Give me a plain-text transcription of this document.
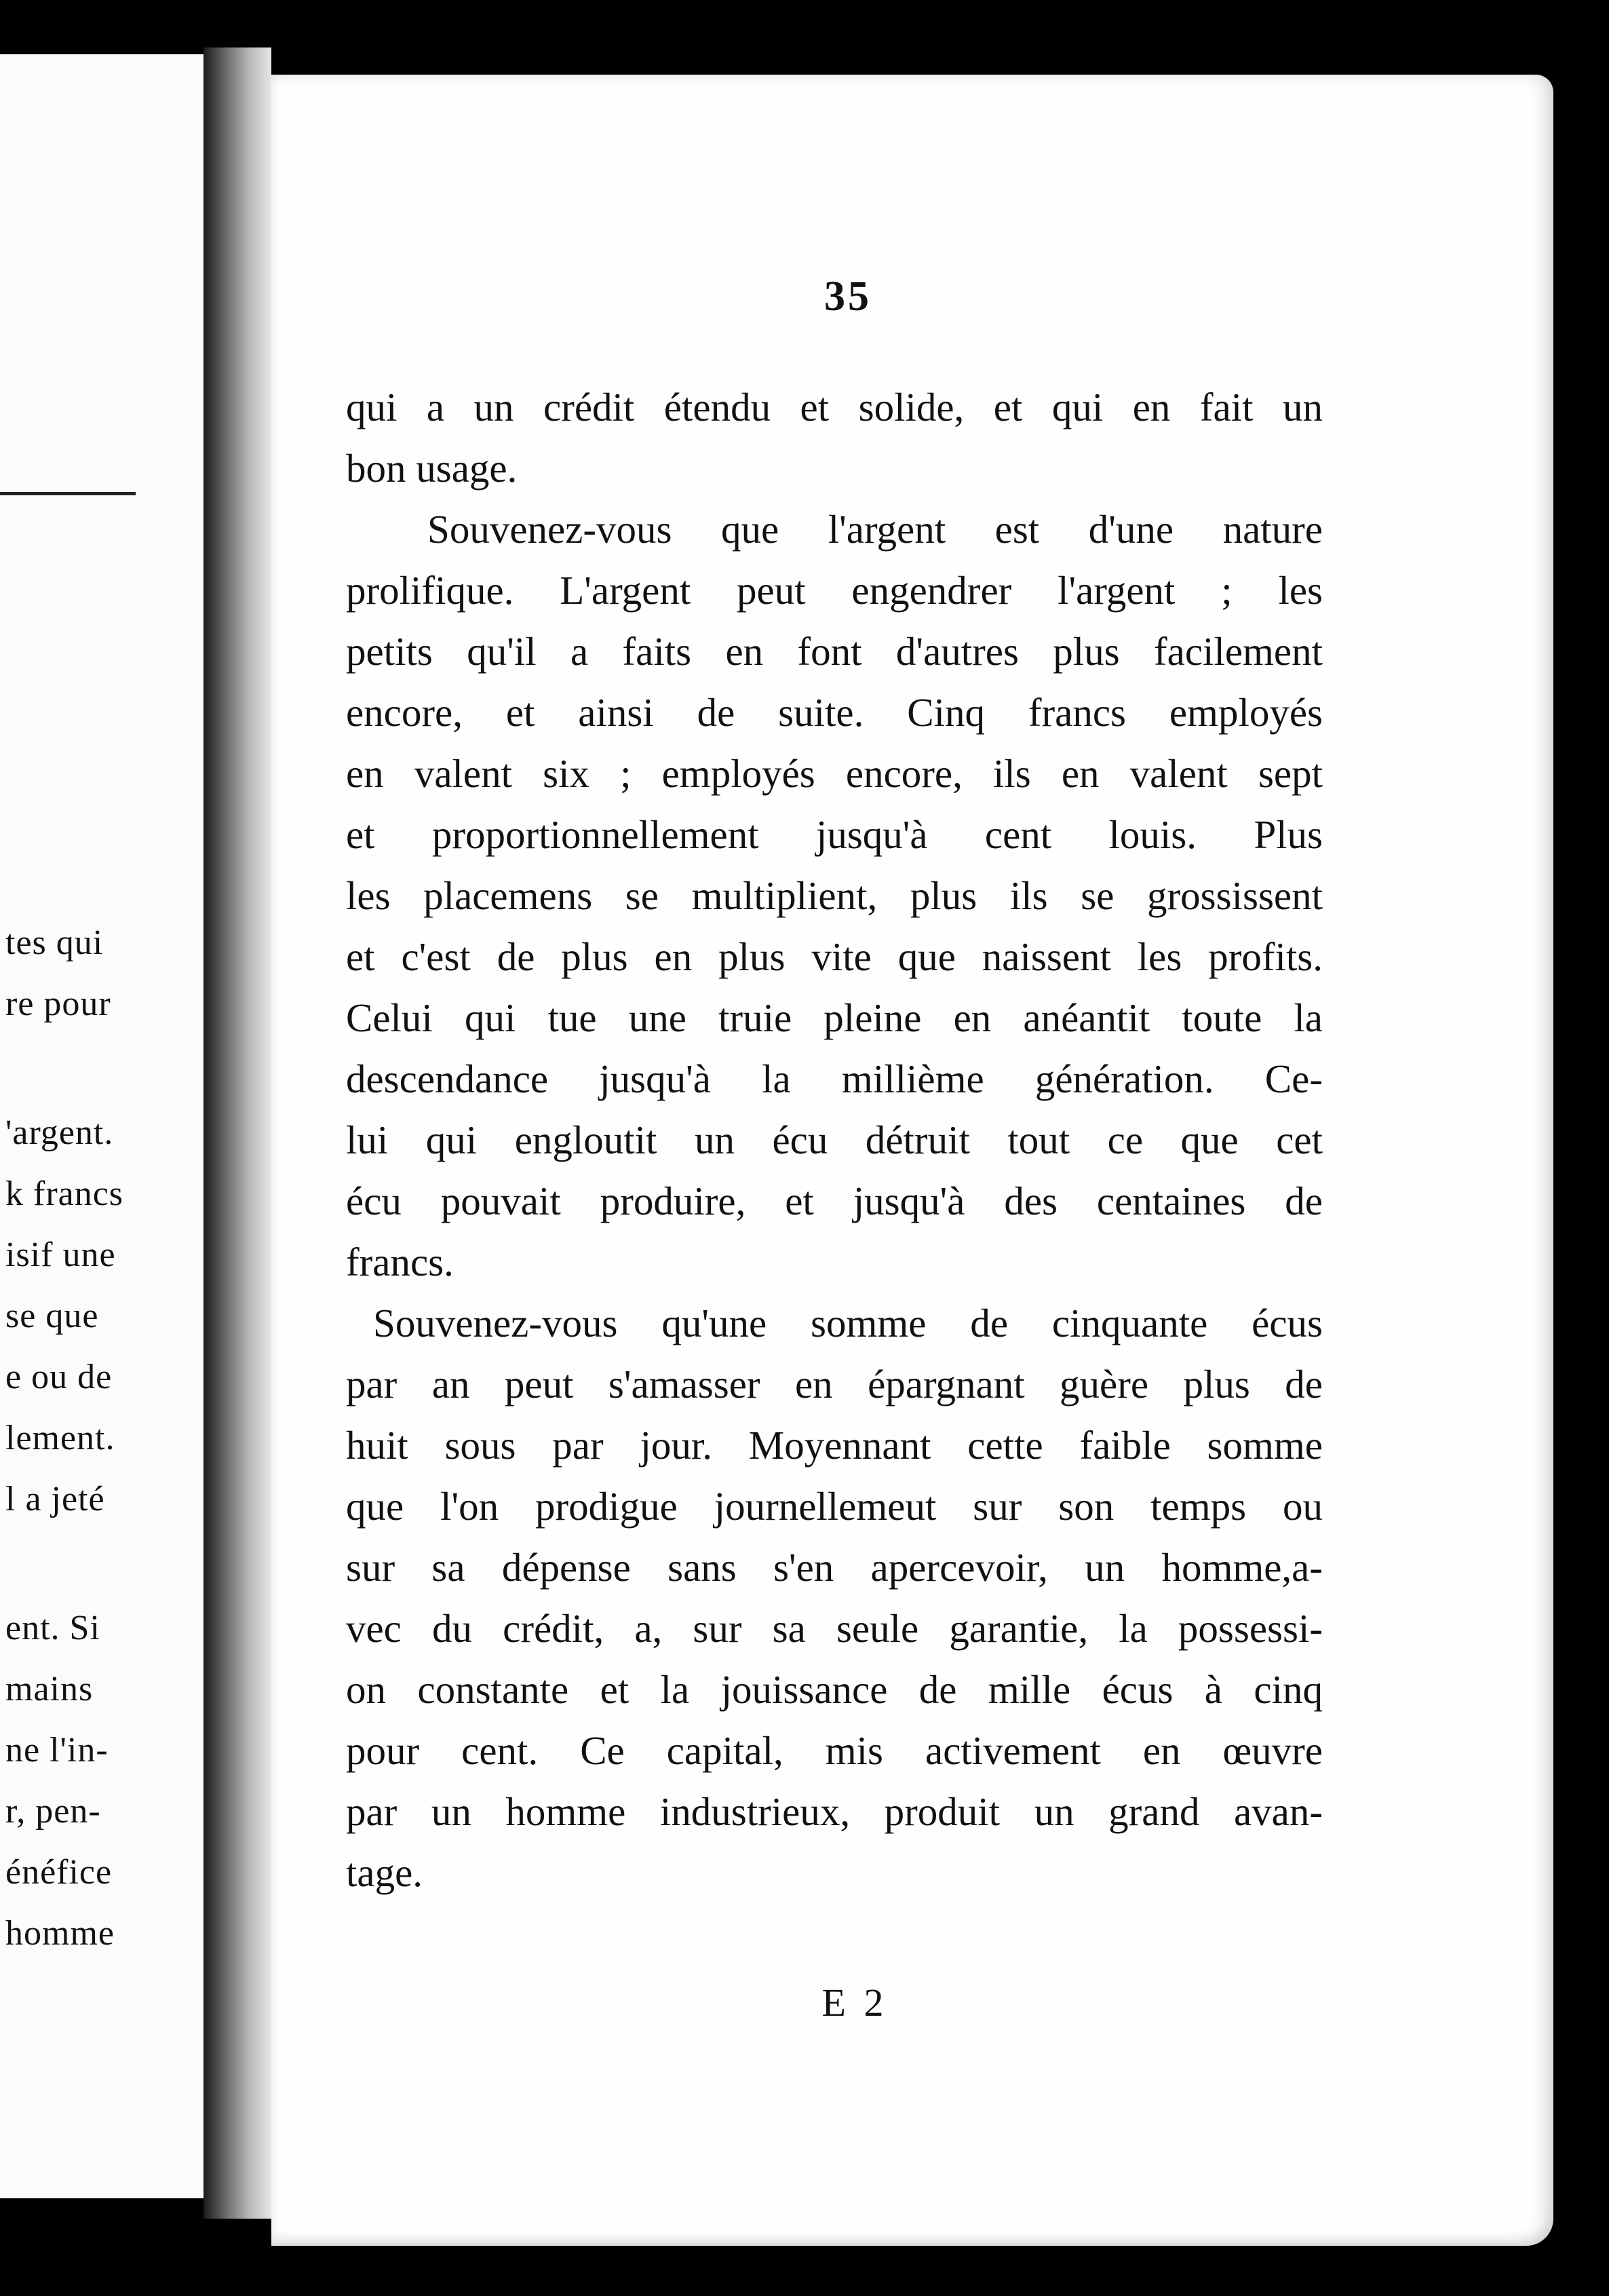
tes qui
re pour
'argent.
k francs
isif une
se que
e ou de
lement.
l a jeté
ent. Si
mains
ne l'in-
r, pen-
énéfice
homme
35
qui a un crédit étendu et solide, et qui en fait un
bon usage.
Souvenez-vous que l'argent est d'une nature
prolifique. L'argent peut engendrer l'argent ; les
petits qu'il a faits en font d'autres plus facilement
encore, et ainsi de suite. Cinq francs employés
en valent six ; employés encore, ils en valent sept
et proportionnellement jusqu'à cent louis. Plus
les placemens se multiplient, plus ils se grossissent
et c'est de plus en plus vite que naissent les profits.
Celui qui tue une truie pleine en anéantit toute la
descendance jusqu'à la millième génération. Ce-
lui qui engloutit un écu détruit tout ce que cet
écu pouvait produire, et jusqu'à des centaines de
francs.
Souvenez-vous qu'une somme de cinquante écus
par an peut s'amasser en épargnant guère plus de
huit sous par jour. Moyennant cette faible somme
que l'on prodigue journellemeut sur son temps ou
sur sa dépense sans s'en apercevoir, un homme,a-
vec du crédit, a, sur sa seule garantie, la possessi-
on constante et la jouissance de mille écus à cinq
pour cent. Ce capital, mis activement en œuvre
par un homme industrieux, produit un grand avan-
tage.
E 2
